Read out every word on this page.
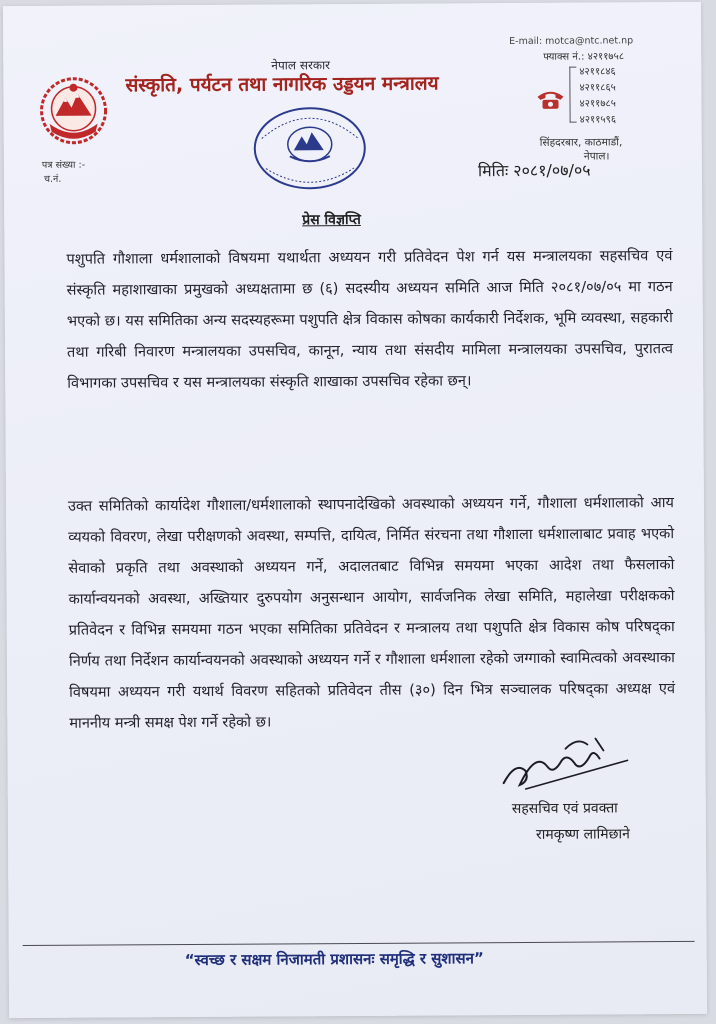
नेपाल सरकार
संस्कृति, पर्यटन तथा नागरिक उड्डयन मन्त्रालय
E-mail: motca@ntc.net.np
फ्याक्स नं.: ४२११७५८
४२११८४६
४२११८६५
४२११७८५
४२११५९६
सिंहदरबार, काठमाडौं,
नेपाल।
पत्र संख्या :-
च.नं.	मितिः २०८१/०७/०५
प्रेस विज्ञप्ति
पशुपति गौशाला धर्मशालाको विषयमा यथार्थता अध्ययन गरी प्रतिवेदन पेश गर्न यस मन्त्रालयका सहसचिव एवं संस्कृति महाशाखाका प्रमुखको अध्यक्षतामा छ (६) सदस्यीय अध्ययन समिति आज मिति २०८१/०७/०५ मा गठन भएको छ। यस समितिका अन्य सदस्यहरूमा पशुपति क्षेत्र विकास कोषका कार्यकारी निर्देशक, भूमि व्यवस्था, सहकारी तथा गरिबी निवारण मन्त्रालयका उपसचिव, कानून, न्याय तथा संसदीय मामिला मन्त्रालयका उपसचिव, पुरातत्व विभागका उपसचिव र यस मन्त्रालयका संस्कृति शाखाका उपसचिव रहेका छन्।
उक्त समितिको कार्यादेश गौशाला/धर्मशालाको स्थापनादेखिको अवस्थाको अध्ययन गर्ने, गौशाला धर्मशालाको आय व्ययको विवरण, लेखा परीक्षणको अवस्था, सम्पत्ति, दायित्व, निर्मित संरचना तथा गौशाला धर्मशालाबाट प्रवाह भएको सेवाको प्रकृति तथा अवस्थाको अध्ययन गर्ने, अदालतबाट विभिन्न समयमा भएका आदेश तथा फैसलाको कार्यान्वयनको अवस्था, अख्तियार दुरुपयोग अनुसन्धान आयोग, सार्वजनिक लेखा समिति, महालेखा परीक्षकको प्रतिवेदन र विभिन्न समयमा गठन भएका समितिका प्रतिवेदन र मन्त्रालय तथा पशुपति क्षेत्र विकास कोष परिषद्का निर्णय तथा निर्देशन कार्यान्वयनको अवस्थाको अध्ययन गर्ने र गौशाला धर्मशाला रहेको जग्गाको स्वामित्वको अवस्थाका विषयमा अध्ययन गरी यथार्थ विवरण सहितको प्रतिवेदन तीस (३०) दिन भित्र सञ्चालक परिषद्का अध्यक्ष एवं माननीय मन्त्री समक्ष पेश गर्ने रहेको छ।
सहसचिव एवं प्रवक्ता
रामकृष्ण लामिछाने
“स्वच्छ र सक्षम निजामती प्रशासनः समृद्धि र सुशासन”
